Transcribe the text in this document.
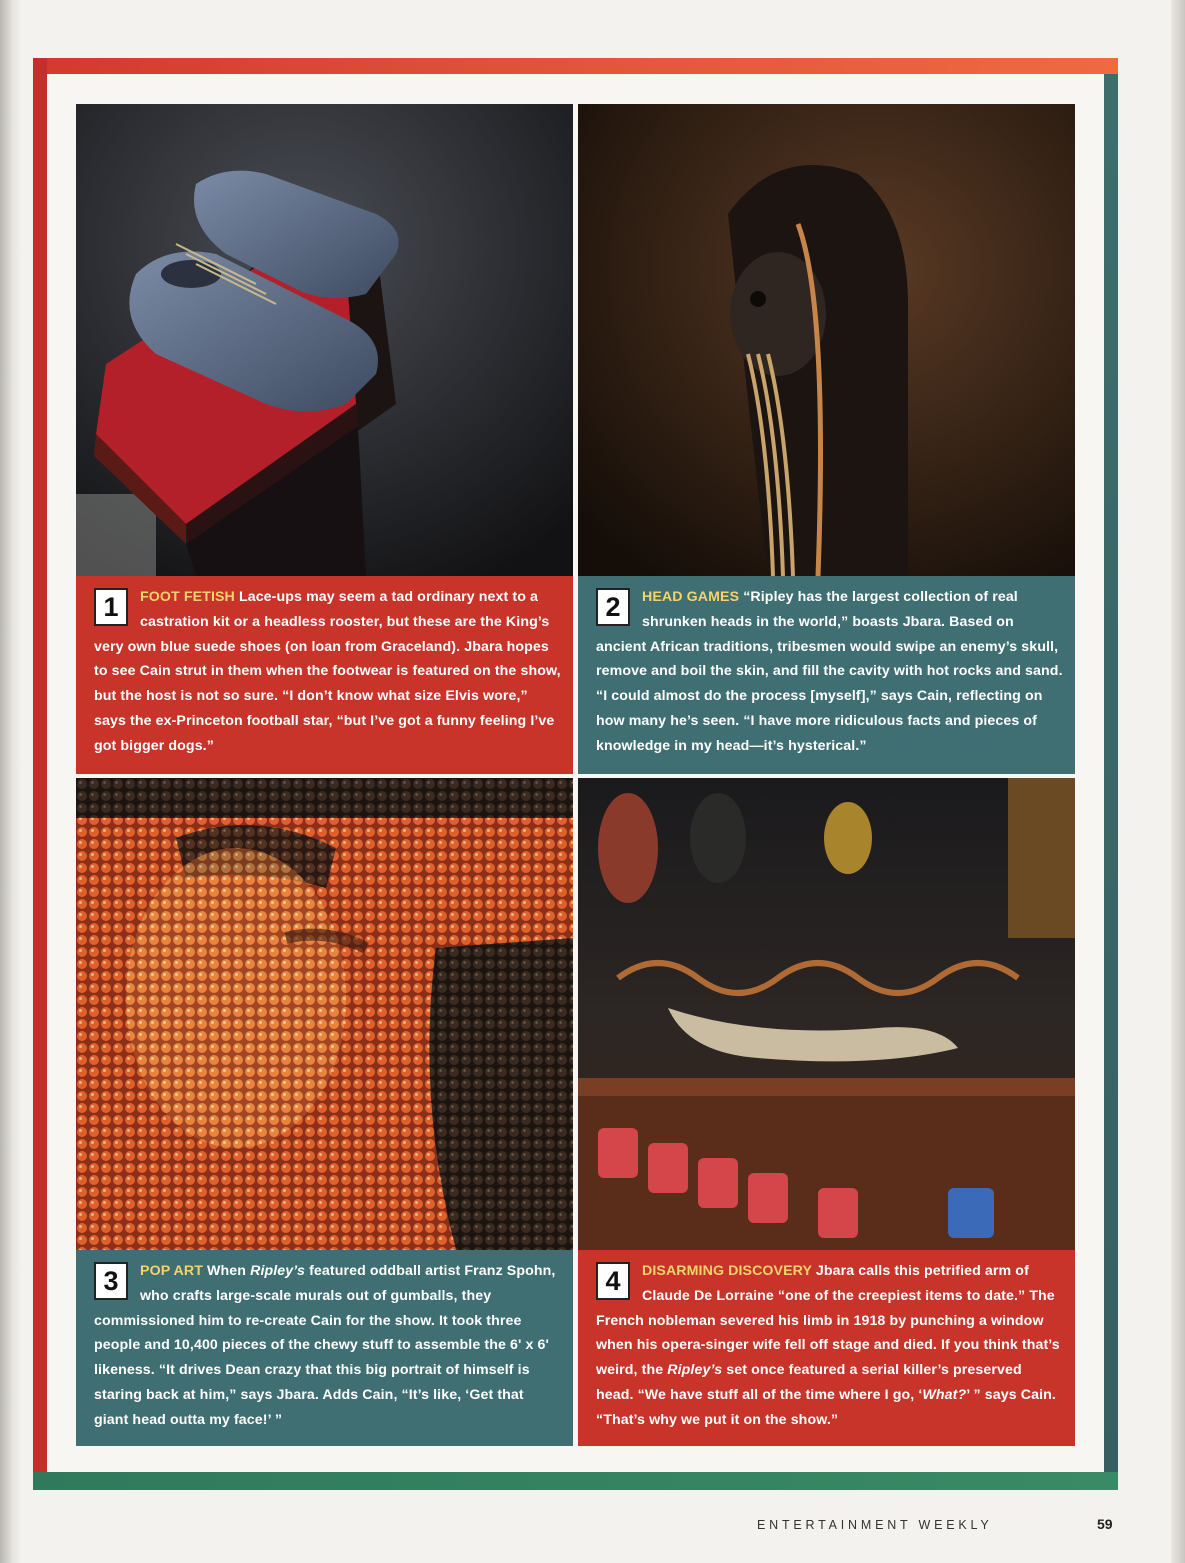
1	FOOT FETISH Lace-ups may seem a tad ordinary next to a castration kit or a headless rooster, but these are the King’s very own blue suede shoes (on loan from Graceland). Jbara hopes to see Cain strut in them when the footwear is featured on the show, but the host is not so sure. “I don’t know what size Elvis wore,” says the ex-Princeton football star, “but I’ve got a funny feeling I’ve got bigger dogs.”
2	HEAD GAMES “Ripley has the largest collection of real shrunken heads in the world,” boasts Jbara. Based on ancient African traditions, tribesmen would swipe an enemy’s skull, remove and boil the skin, and fill the cavity with hot rocks and sand. “I could almost do the process [myself],” says Cain, reflecting on how many he’s seen. “I have more ridiculous facts and pieces of knowledge in my head—it’s hysterical.”
3	POP ART When Ripley’s featured oddball artist Franz Spohn, who crafts large-scale murals out of gumballs, they commissioned him to re-create Cain for the show. It took three people and 10,400 pieces of the chewy stuff to assemble the 6' x 6' likeness. “It drives Dean crazy that this big portrait of himself is staring back at him,” says Jbara. Adds Cain, “It’s like, ‘Get that giant head outta my face!’ ”
4	DISARMING DISCOVERY Jbara calls this petrified arm of Claude De Lorraine “one of the creepiest items to date.” The French nobleman severed his limb in 1918 by punching a window when his opera-singer wife fell off stage and died. If you think that’s weird, the Ripley’s set once featured a serial killer’s preserved head. “We have stuff all of the time where I go, ‘What?’ ” says Cain. “That’s why we put it on the show.”
ENTERTAINMENT WEEKLY	59
